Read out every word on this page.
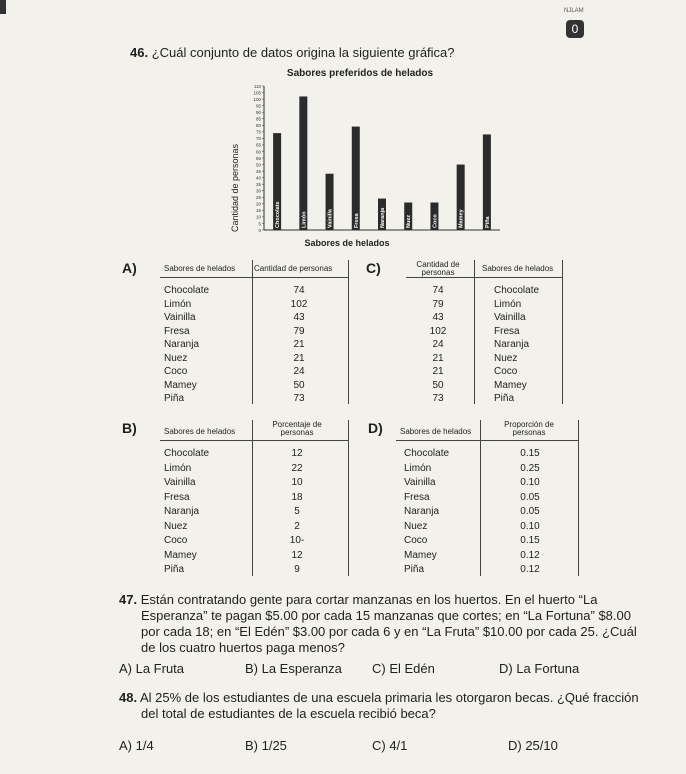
NJLAM
0
46. ¿Cuál conjunto de datos origina la siguiente gráfica?
Sabores preferidos de helados
Cantidad de personas
Sabores de helados
0
5
10
15
20
25
30
35
40
45
50
55
60
65
70
75
80
85
90
95
100
105
110
Chocolate	Limón	Vainilla	Fresa	Naranja	Nuez	Coco	Mamey	Piña
A)	Sabores de helados Cantidad de personas
Chocolate	74
Limón	102
Vainilla	43
Fresa	79
Naranja	21
Nuez	21
Coco	24
Mamey	50
Piña	73
C)	Cantidad de personas	Sabores de helados
74	Chocolate
79	Limón
43	Vainilla
102	Fresa
24	Naranja
21	Nuez
21	Coco
50	Mamey
73	Piña
B)	Sabores de helados
Porcentaje de personas
Chocolate	12
Limón	22
Vainilla	10
Fresa	18
Naranja	5
Nuez	2
Coco	10-
Mamey	12
Piña	9
D) Sabores de helados
Proporción de personas
Chocolate	0.15
Limón	0.25
Vainilla	0.10
Fresa	0.05
Naranja	0.05
Nuez	0.10
Coco	0.15
Mamey	0.12
Piña	0.12
47. Están contratando gente para cortar manzanas en los huertos. En el huerto “La
Esperanza” te pagan $5.00 por cada 15 manzanas que cortes; en “La Fortuna” $8.00
por cada 18; en “El Edén” $3.00 por cada 6 y en “La Fruta” $10.00 por cada 25. ¿Cuál
de los cuatro huertos paga menos?
A) La Fruta	B) La Esperanza C) El Edén	D) La Fortuna
48. Al 25% de los estudiantes de una escuela primaria les otorgaron becas. ¿Qué fracción
del total de estudiantes de la escuela recibió beca?
A) 1/4	B) 1/25	C) 4/1	D) 25/10
